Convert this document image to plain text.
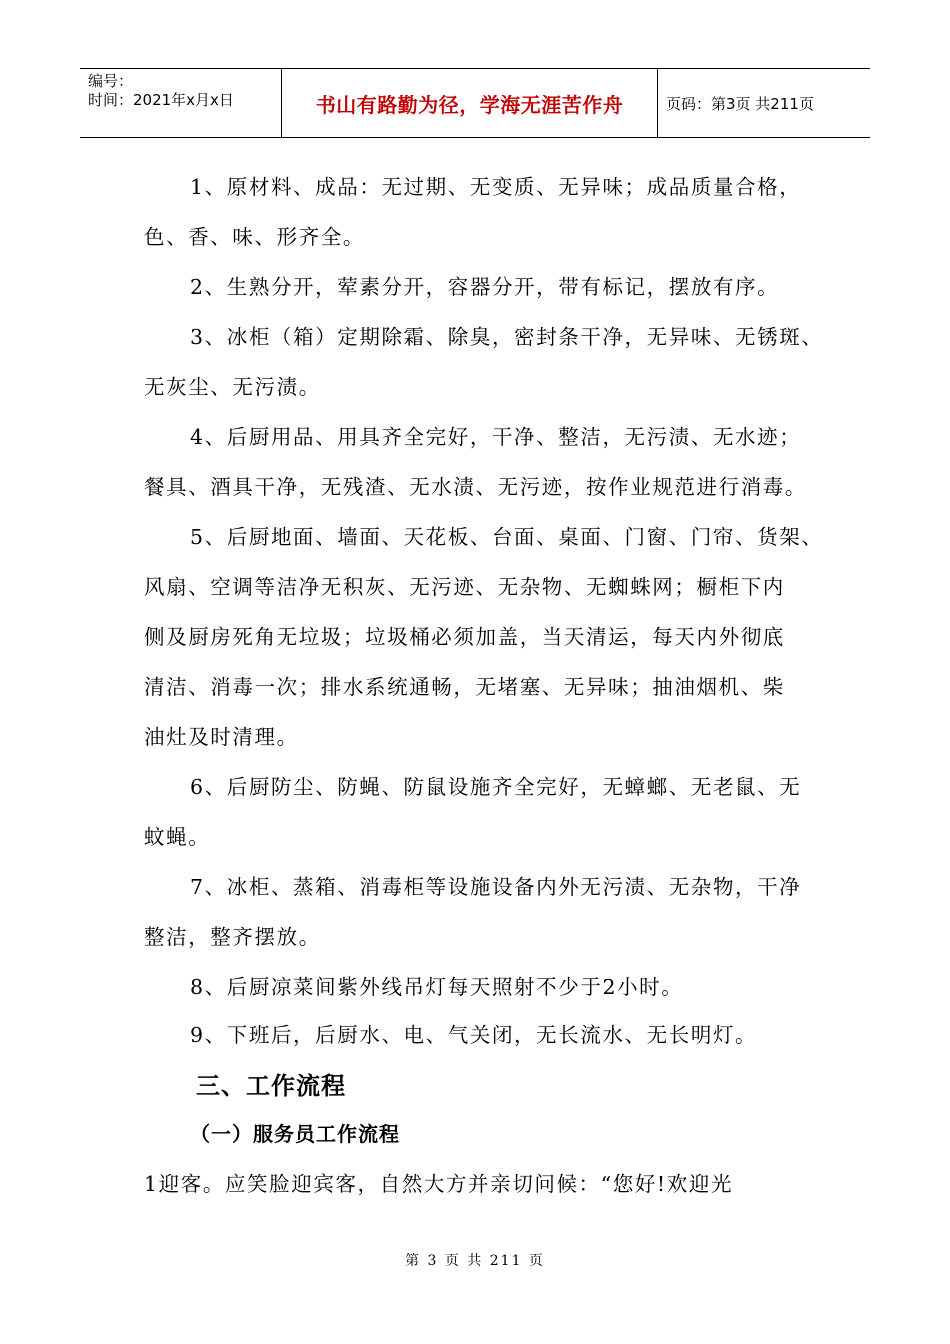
编号：
时间：2021年x月x日	书山有路勤为径，学海无涯苦作舟	页码：第3页 共211页
1、原材料、成品：无过期、无变质、无异味；成品质量合格，
色、香、味、形齐全。
2、生熟分开，荤素分开，容器分开，带有标记，摆放有序。
3、冰柜（箱）定期除霜、除臭，密封条干净，无异味、无锈斑、
无灰尘、无污渍。
4、后厨用品、用具齐全完好，干净、整洁，无污渍、无水迹；
餐具、酒具干净，无残渣、无水渍、无污迹，按作业规范进行消毒。
5、后厨地面、墙面、天花板、台面、桌面、门窗、门帘、货架、
风扇、空调等洁净无积灰、无污迹、无杂物、无蜘蛛网；橱柜下内
侧及厨房死角无垃圾；垃圾桶必须加盖，当天清运，每天内外彻底
清洁、消毒一次；排水系统通畅，无堵塞、无异味；抽油烟机、柴
油灶及时清理。
6、后厨防尘、防蝇、防鼠设施齐全完好，无蟑螂、无老鼠、无
蚊蝇。
7、冰柜、蒸箱、消毒柜等设施设备内外无污渍、无杂物，干净
整洁，整齐摆放。
8、后厨凉菜间紫外线吊灯每天照射不少于2小时。
9、下班后，后厨水、电、气关闭，无长流水、无长明灯。
1迎客。应笑脸迎宾客，自然大方并亲切问候：“您好!欢迎光
三、工作流程
（一）服务员工作流程
第 3 页 共 211 页
